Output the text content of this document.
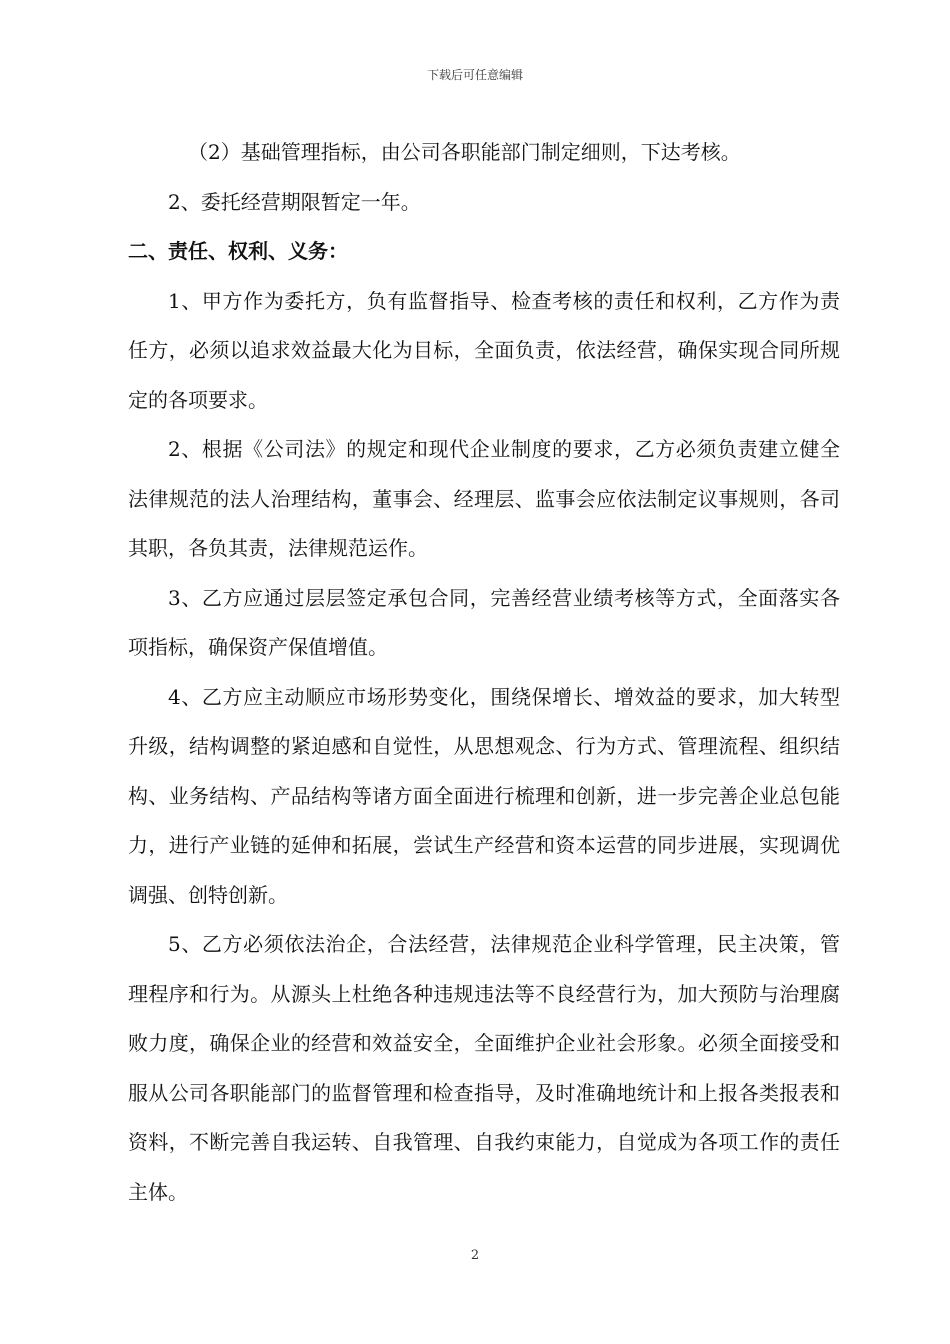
下载后可任意编辑

（2）基础管理指标，由公司各职能部门制定细则，下达考核。

2、委托经营期限暂定一年。

二、责任、权利、义务：

1、甲方作为委托方，负有监督指导、检查考核的责任和权利，乙方作为责任方，必须以追求效益最大化为目标，全面负责，依法经营，确保实现合同所规定的各项要求。

2、根据《公司法》的规定和现代企业制度的要求，乙方必须负责建立健全法律规范的法人治理结构，董事会、经理层、监事会应依法制定议事规则，各司其职，各负其责，法律规范运作。

3、乙方应通过层层签定承包合同，完善经营业绩考核等方式，全面落实各项指标，确保资产保值增值。

4、乙方应主动顺应市场形势变化，围绕保增长、增效益的要求，加大转型升级，结构调整的紧迫感和自觉性，从思想观念、行为方式、管理流程、组织结构、业务结构、产品结构等诸方面全面进行梳理和创新，进一步完善企业总包能力，进行产业链的延伸和拓展，尝试生产经营和资本运营的同步进展，实现调优调强、创特创新。

5、乙方必须依法治企，合法经营，法律规范企业科学管理，民主决策，管理程序和行为。从源头上杜绝各种违规违法等不良经营行为，加大预防与治理腐败力度，确保企业的经营和效益安全，全面维护企业社会形象。必须全面接受和服从公司各职能部门的监督管理和检查指导，及时准确地统计和上报各类报表和资料，不断完善自我运转、自我管理、自我约束能力，自觉成为各项工作的责任主体。

2
